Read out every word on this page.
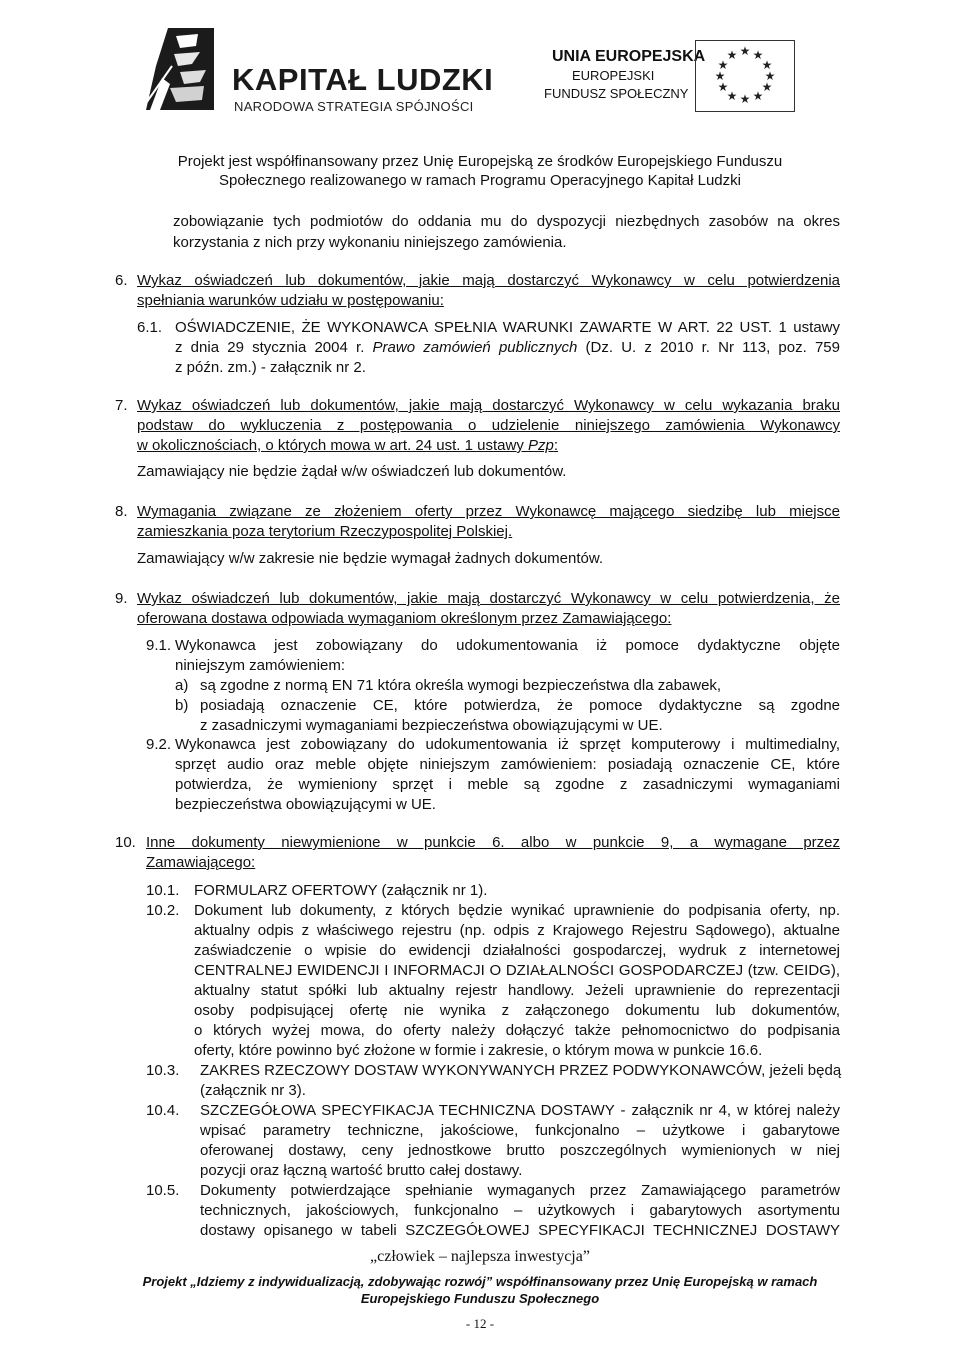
KAPITAŁ LUDZKI
NARODOWA STRATEGIA SPÓJNOŚCI
UNIA EUROPEJSKA
EUROPEJSKI
FUNDUSZ SPOŁECZNY
★ ★
★
★
★
★
★
★
★
★
★
★
Projekt jest współfinansowany przez Unię Europejską ze środków Europejskiego Funduszu
Społecznego realizowanego w ramach Programu Operacyjnego Kapitał Ludzki
zobowiązanie tych podmiotów do oddania mu do dyspozycji niezbędnych zasobów na okres
korzystania z nich przy wykonaniu niniejszego zamówienia.
6. Wykaz oświadczeń lub dokumentów, jakie mają dostarczyć Wykonawcy w celu potwierdzenia
spełniania warunków udziału w postępowaniu:
6.1. OŚWIADCZENIE, ŻE WYKONAWCA SPEŁNIA WARUNKI ZAWARTE W ART. 22 UST. 1 ustawy
z dnia 29 stycznia 2004 r. Prawo zamówień publicznych (Dz. U. z 2010 r. Nr 113, poz. 759
z późn. zm.) - załącznik nr 2.
7. Wykaz oświadczeń lub dokumentów, jakie mają dostarczyć Wykonawcy w celu wykazania braku
podstaw do wykluczenia z postępowania o udzielenie niniejszego zamówienia Wykonawcy
w okolicznościach, o których mowa w art. 24 ust. 1 ustawy Pzp:
Zamawiający nie będzie żądał w/w oświadczeń lub dokumentów.
8. Wymagania związane ze złożeniem oferty przez Wykonawcę mającego siedzibę lub miejsce
zamieszkania poza terytorium Rzeczypospolitej Polskiej.
Zamawiający w/w zakresie nie będzie wymagał żadnych dokumentów.
9. Wykaz oświadczeń lub dokumentów, jakie mają dostarczyć Wykonawcy w celu potwierdzenia, że
oferowana dostawa odpowiada wymaganiom określonym przez Zamawiającego:
9.1. Wykonawca jest zobowiązany do udokumentowania iż pomoce dydaktyczne objęte
niniejszym zamówieniem:
a) są zgodne z normą EN 71 która określa wymogi bezpieczeństwa dla zabawek,
b) posiadają oznaczenie CE, które potwierdza, że pomoce dydaktyczne są zgodne
z zasadniczymi wymaganiami bezpieczeństwa obowiązującymi w UE.
9.2. Wykonawca jest zobowiązany do udokumentowania iż sprzęt komputerowy i multimedialny,
sprzęt audio oraz meble objęte niniejszym zamówieniem: posiadają oznaczenie CE, które
potwierdza, że wymieniony sprzęt i meble są zgodne z zasadniczymi wymaganiami
bezpieczeństwa obowiązującymi w UE.
10. Inne dokumenty niewymienione w punkcie 6. albo w punkcie 9, a wymagane przez
Zamawiającego:
10.1. FORMULARZ OFERTOWY (załącznik nr 1).
10.2. Dokument lub dokumenty, z których będzie wynikać uprawnienie do podpisania oferty, np.
aktualny odpis z właściwego rejestru (np. odpis z Krajowego Rejestru Sądowego), aktualne
zaświadczenie o wpisie do ewidencji działalności gospodarczej, wydruk z internetowej
CENTRALNEJ EWIDENCJI I INFORMACJI O DZIAŁALNOŚCI GOSPODARCZEJ (tzw. CEIDG),
aktualny statut spółki lub aktualny rejestr handlowy. Jeżeli uprawnienie do reprezentacji
osoby podpisującej ofertę nie wynika z załączonego dokumentu lub dokumentów,
o których wyżej mowa, do oferty należy dołączyć także pełnomocnictwo do podpisania
oferty, które powinno być złożone w formie i zakresie, o którym mowa w punkcie 16.6.
10.3. ZAKRES RZECZOWY DOSTAW WYKONYWANYCH PRZEZ PODWYKONAWCÓW, jeżeli będą
(załącznik nr 3).
10.4. SZCZEGÓŁOWA SPECYFIKACJA TECHNICZNA DOSTAWY - załącznik nr 4, w której należy
wpisać parametry techniczne, jakościowe, funkcjonalno – użytkowe i gabarytowe
oferowanej dostawy, ceny jednostkowe brutto poszczególnych wymienionych w niej
pozycji oraz łączną wartość brutto całej dostawy.
10.5. Dokumenty potwierdzające spełnianie wymaganych przez Zamawiającego parametrów
technicznych, jakościowych, funkcjonalno – użytkowych i gabarytowych asortymentu
dostawy opisanego w tabeli SZCZEGÓŁOWEJ SPECYFIKACJI TECHNICZNEJ DOSTAWY
„człowiek – najlepsza inwestycja”
Projekt „Idziemy z indywidualizacją, zdobywając rozwój” współfinansowany przez Unię Europejską w ramach
Europejskiego Funduszu Społecznego
- 12 -
